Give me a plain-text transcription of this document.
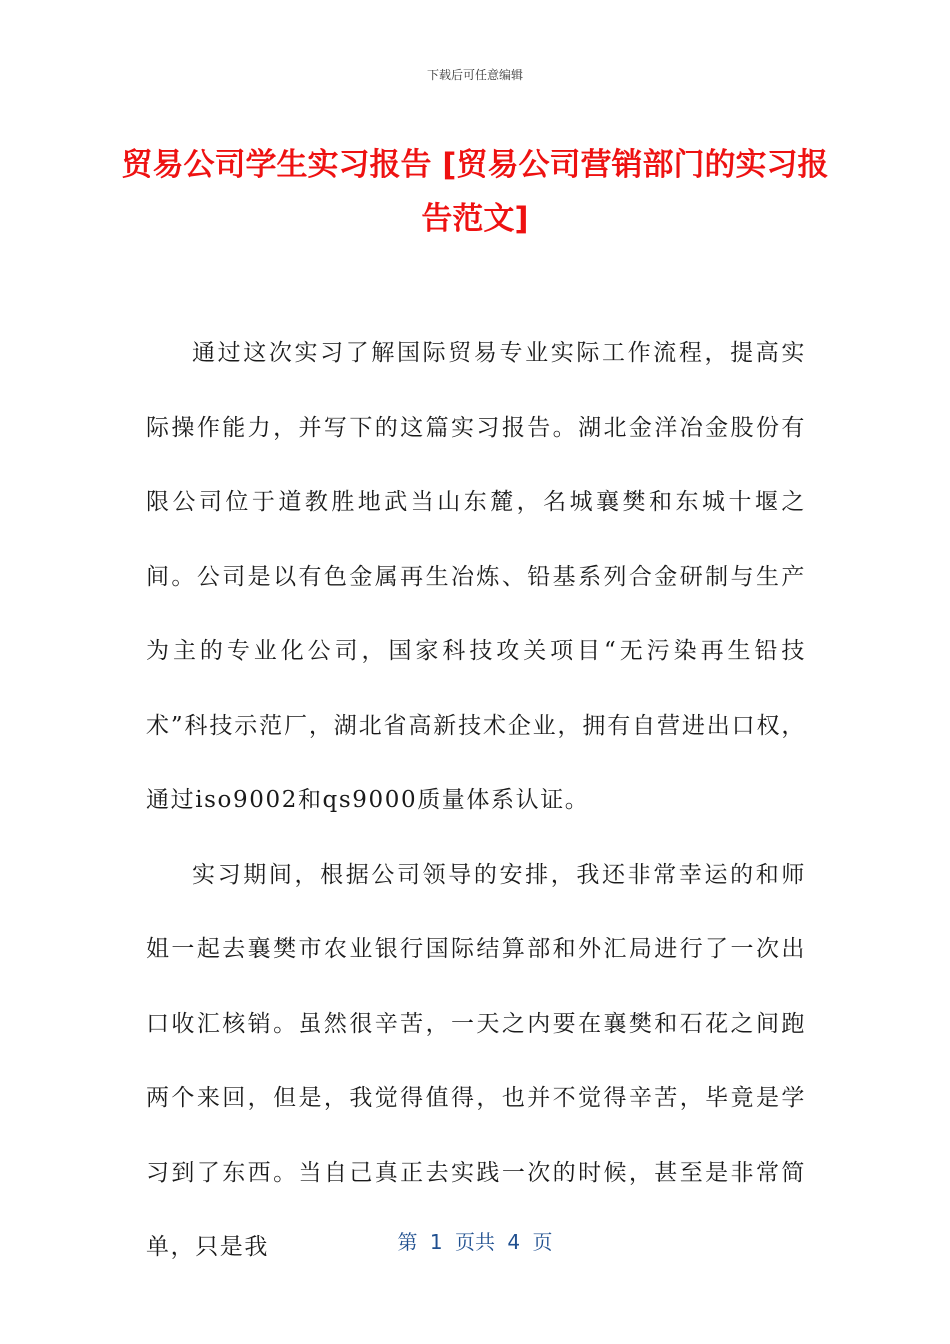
下载后可任意编辑
贸易公司学生实习报告 [贸易公司营销部门的实习报告范文]

通过这次实习了解国际贸易专业实际工作流程，提高实际操作能力，并写下的这篇实习报告。湖北金洋冶金股份有限公司位于道教胜地武当山东麓，名城襄樊和东城十堰之间。公司是以有色金属再生冶炼、铅基系列合金研制与生产为主的专业化公司，国家科技攻关项目“无污染再生铅技术”科技示范厂，湖北省高新技术企业，拥有自营进出口权，通过iso9002和qs9000质量体系认证。

实习期间，根据公司领导的安排，我还非常幸运的和师姐一起去襄樊市农业银行国际结算部和外汇局进行了一次出口收汇核销。虽然很辛苦，一天之内要在襄樊和石花之间跑两个来回，但是，我觉得值得，也并不觉得辛苦，毕竟是学习到了东西。当自己真正去实践一次的时候，甚至是非常简单，只是我	第 1 页共 4 页
